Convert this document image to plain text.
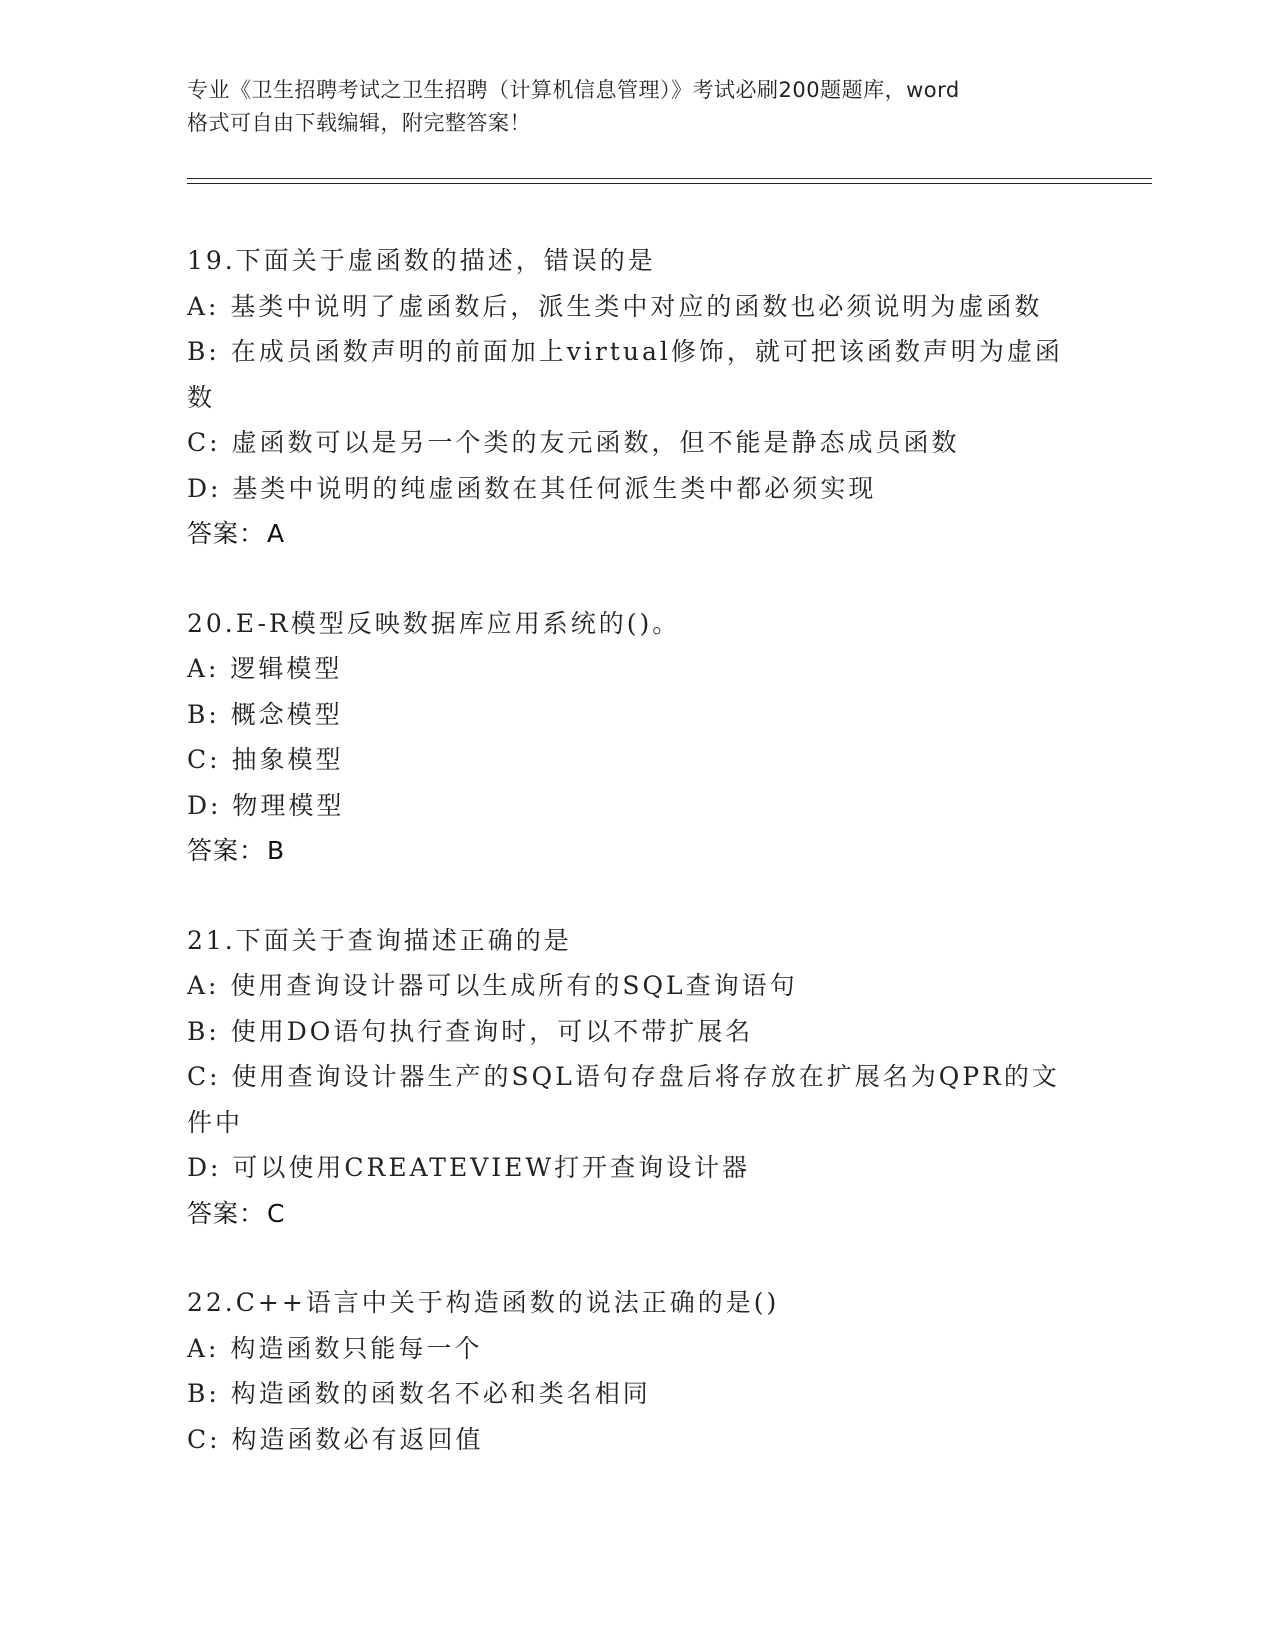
专业《卫生招聘考试之卫生招聘（计算机信息管理）》考试必刷200题题库，word
格式可自由下载编辑，附完整答案！
19.下面关于虚函数的描述，错误的是
A: 基类中说明了虚函数后，派生类中对应的函数也必须说明为虚函数
B: 在成员函数声明的前面加上virtual修饰，就可把该函数声明为虚函数
C: 虚函数可以是另一个类的友元函数，但不能是静态成员函数
D: 基类中说明的纯虚函数在其任何派生类中都必须实现
答案：A
20.E-R模型反映数据库应用系统的()。
A: 逻辑模型
B: 概念模型
C: 抽象模型
D: 物理模型
答案：B
21.下面关于查询描述正确的是
A: 使用查询设计器可以生成所有的SQL查询语句
B: 使用DO语句执行查询时，可以不带扩展名
C: 使用查询设计器生产的SQL语句存盘后将存放在扩展名为QPR的文件中
D: 可以使用CREATEVIEW打开查询设计器
答案：C
22.C++语言中关于构造函数的说法正确的是()
A: 构造函数只能每一个
B: 构造函数的函数名不必和类名相同
C: 构造函数必有返回值
